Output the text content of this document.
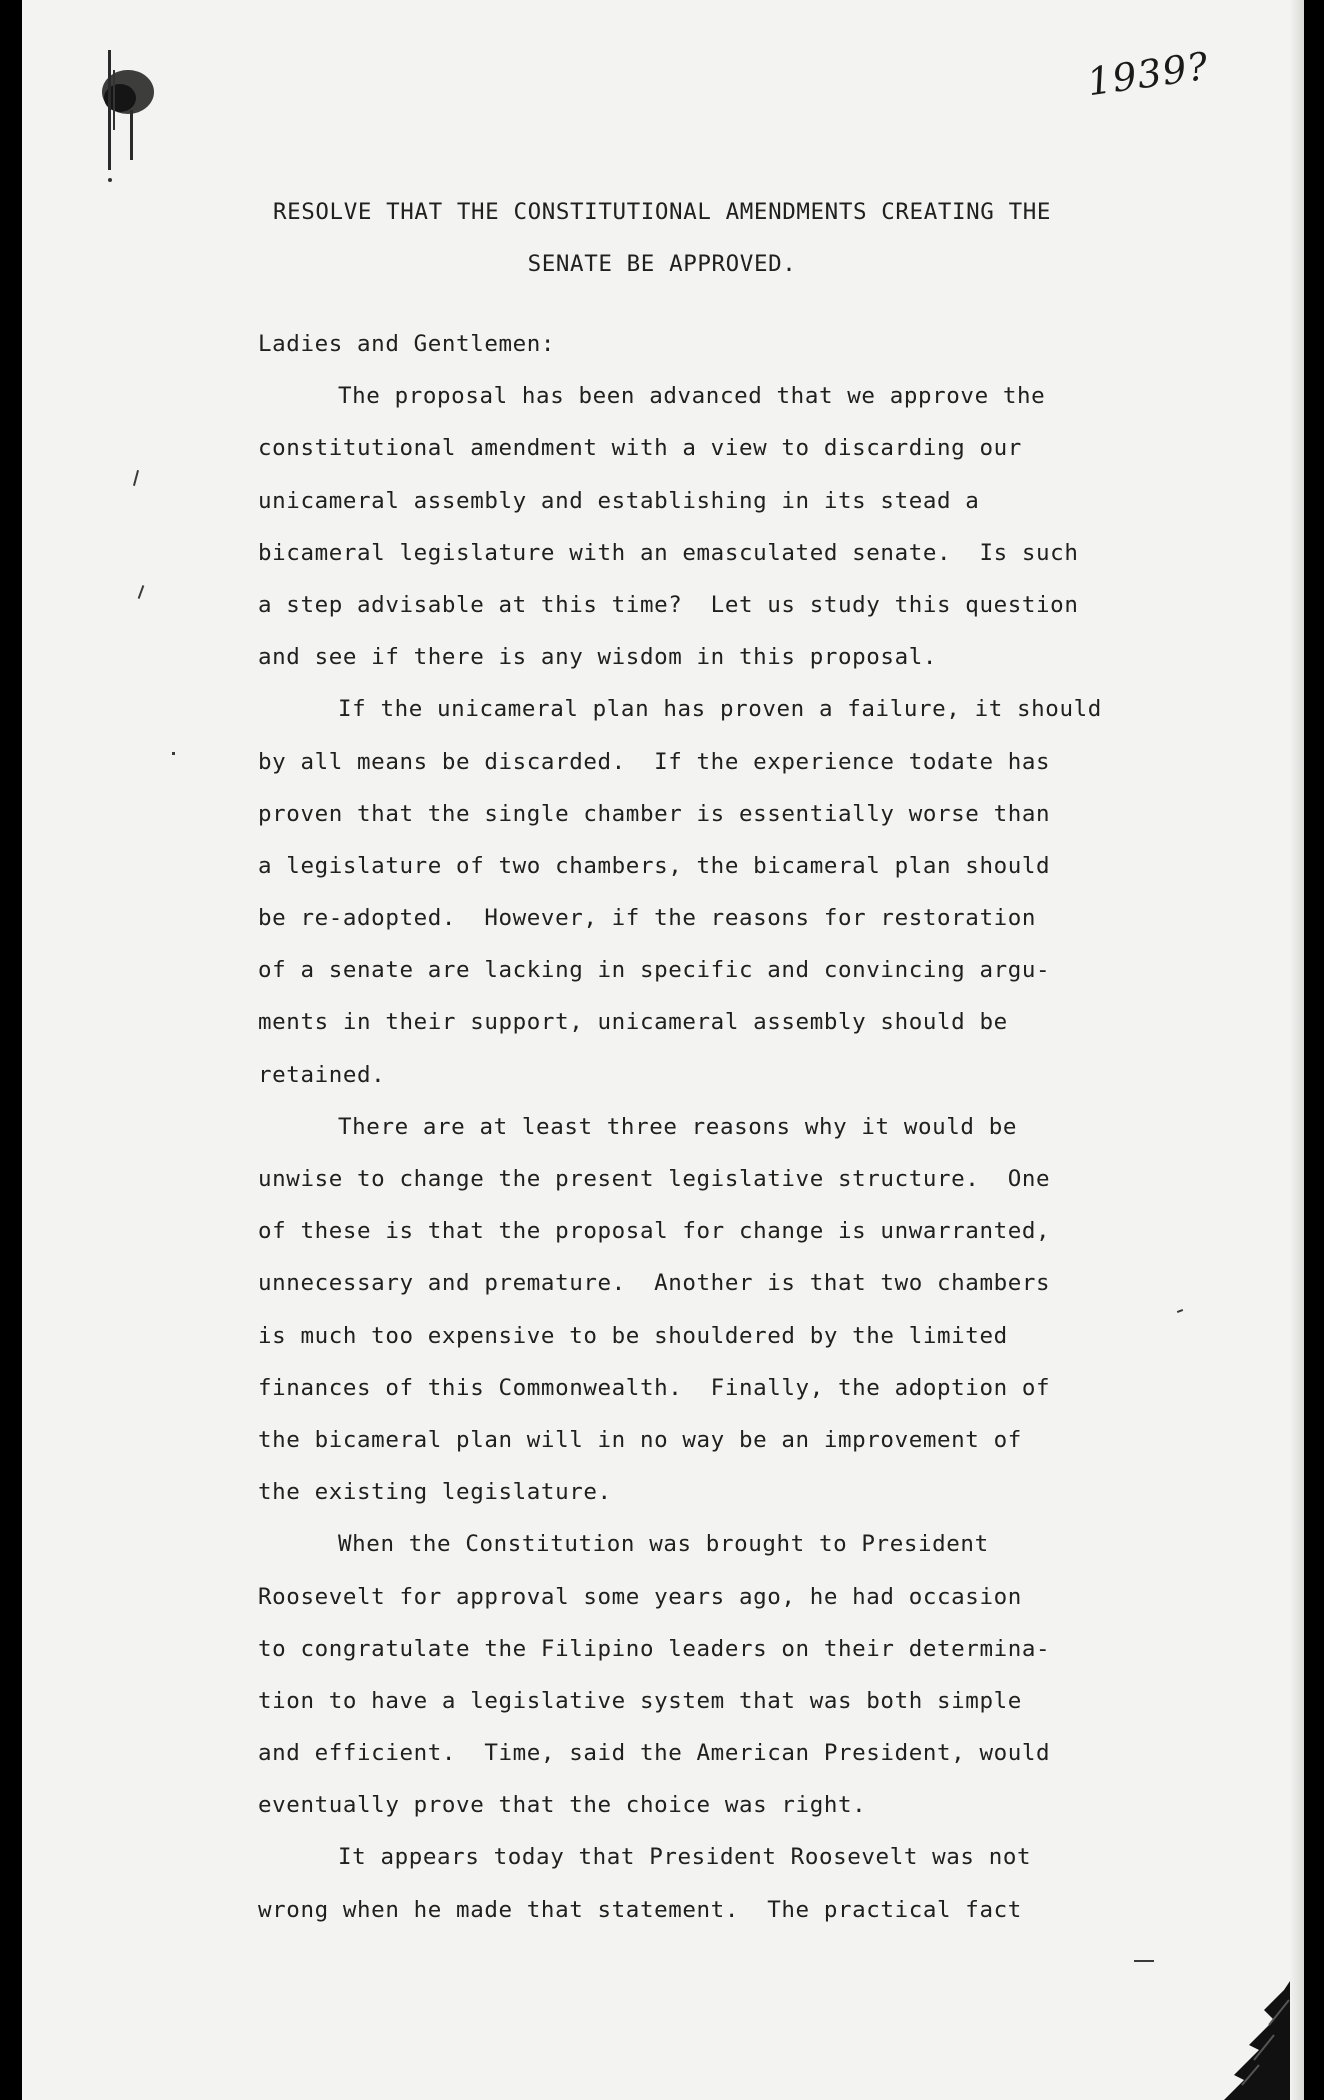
1939?
RESOLVE THAT THE CONSTITUTIONAL AMENDMENTS CREATING THE
SENATE BE APPROVED.
Ladies and Gentlemen:
The proposal has been advanced that we approve the
constitutional amendment with a view to discarding our
unicameral assembly and establishing in its stead a
bicameral legislature with an emasculated senate.  Is such
a step advisable at this time?  Let us study this question
and see if there is any wisdom in this proposal.
If the unicameral plan has proven a failure, it should
by all means be discarded.  If the experience todate has
proven that the single chamber is essentially worse than
a legislature of two chambers, the bicameral plan should
be re-adopted.  However, if the reasons for restoration
of a senate are lacking in specific and convincing argu-
ments in their support, unicameral assembly should be
retained.
There are at least three reasons why it would be
unwise to change the present legislative structure.  One
of these is that the proposal for change is unwarranted,
unnecessary and premature.  Another is that two chambers
is much too expensive to be shouldered by the limited
finances of this Commonwealth.  Finally, the adoption of
the bicameral plan will in no way be an improvement of
the existing legislature.
When the Constitution was brought to President
Roosevelt for approval some years ago, he had occasion
to congratulate the Filipino leaders on their determina-
tion to have a legislative system that was both simple
and efficient.  Time, said the American President, would
eventually prove that the choice was right.
It appears today that President Roosevelt was not
wrong when he made that statement.  The practical fact
